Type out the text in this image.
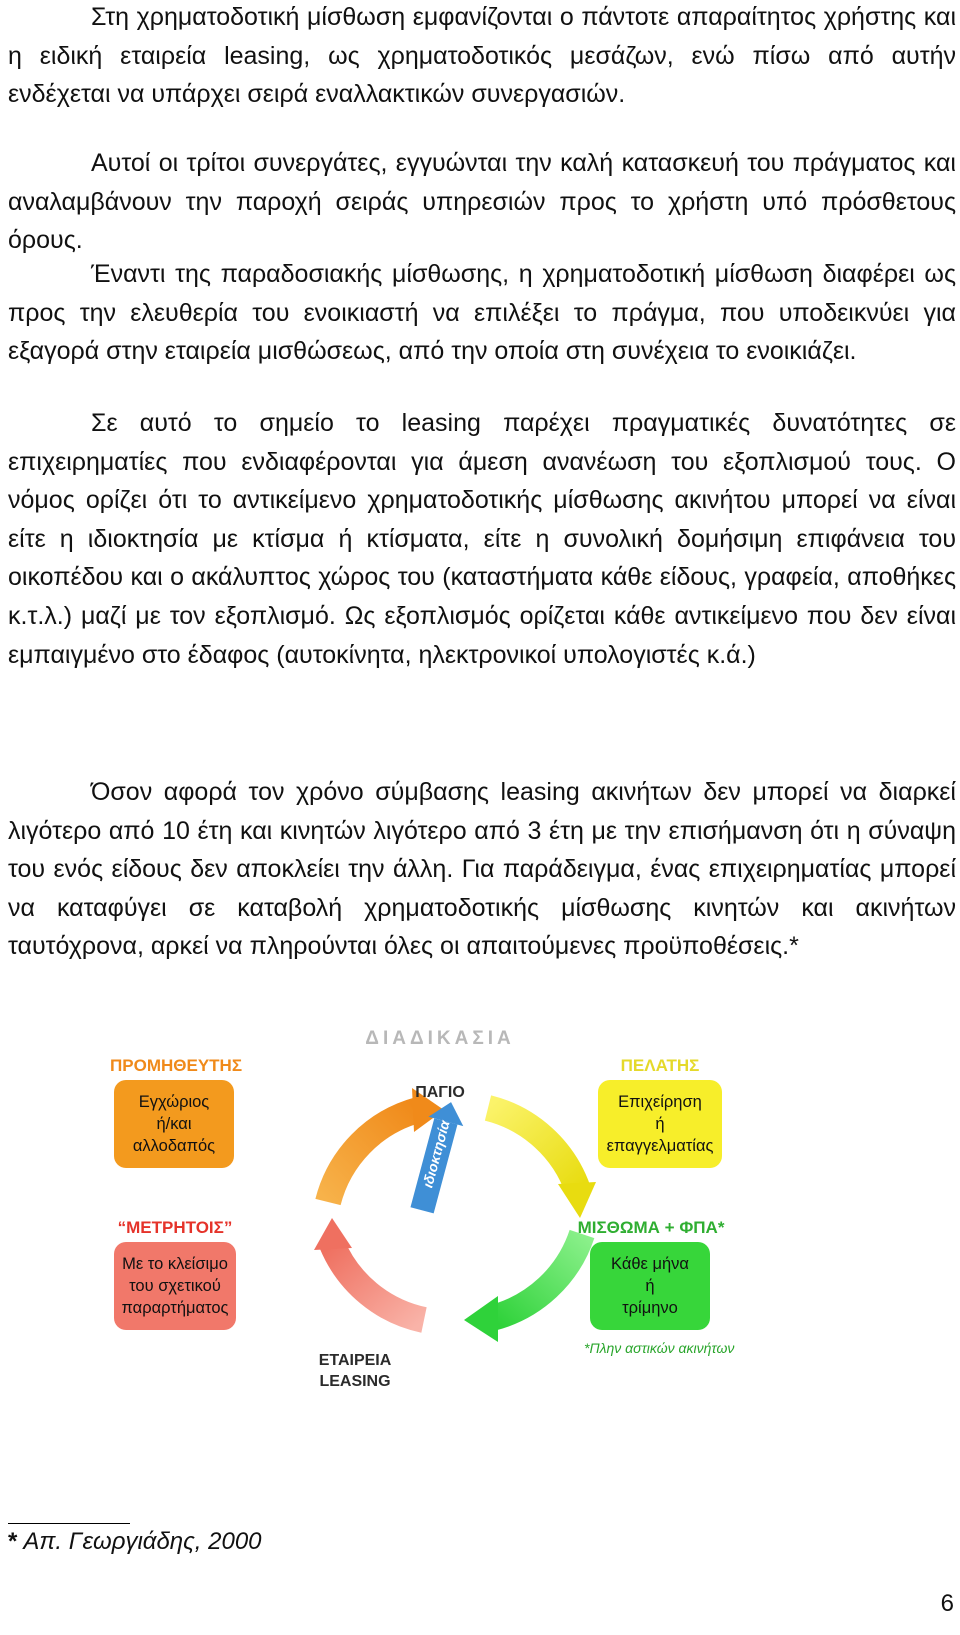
Στη χρηματοδοτική μίσθωση εμφανίζονται ο πάντοτε απαραίτητος χρήστης και η ειδική εταιρεία leasing, ως χρηματοδοτικός μεσάζων, ενώ πίσω από αυτήν ενδέχεται να υπάρχει σειρά εναλλακτικών συνεργασιών.

Αυτοί οι τρίτοι συνεργάτες, εγγυώνται την καλή κατασκευή του πράγματος και αναλαμβάνουν την παροχή σειράς υπηρεσιών προς το χρήστη υπό πρόσθετους όρους.

Έναντι της παραδοσιακής μίσθωσης, η χρηματοδοτική μίσθωση διαφέρει ως προς την ελευθερία του ενοικιαστή να επιλέξει το πράγμα, που υποδεικνύει για εξαγορά στην εταιρεία μισθώσεως, από την οποία στη συνέχεια το ενοικιάζει.

Σε αυτό το σημείο το leasing παρέχει πραγματικές δυνατότητες σε επιχειρηματίες που ενδιαφέρονται για άμεση ανανέωση του εξοπλισμού τους. Ο νόμος ορίζει ότι το αντικείμενο χρηματοδοτικής μίσθωσης ακινήτου μπορεί να είναι είτε η ιδιοκτησία με κτίσμα ή κτίσματα, είτε η συνολική δομήσιμη επιφάνεια του οικοπέδου και ο ακάλυπτος χώρος του (καταστήματα κάθε είδους, γραφεία, αποθήκες κ.τ.λ.) μαζί με τον εξοπλισμό. Ως εξοπλισμός ορίζεται κάθε αντικείμενο που δεν είναι εμπαιγμένο στο έδαφος (αυτοκίνητα, ηλεκτρονικοί υπολογιστές κ.ά.)

Όσον αφορά τον χρόνο σύμβασης leasing ακινήτων δεν μπορεί να διαρκεί λιγότερο από 10 έτη και κινητών λιγότερο από 3 έτη με την επισήμανση ότι η σύναψη του ενός είδους δεν αποκλείει την άλλη. Για παράδειγμα, ένας επιχειρηματίας μπορεί να καταφύγει σε καταβολή χρηματοδοτικής μίσθωσης κινητών και ακινήτων ταυτόχρονα, αρκεί να πληρούνται όλες οι απαιτούμενες προϋποθέσεις.*

ΔΙΑΔΙΚΑΣΙΑ
ΠΑΓΙΟ
ιδιοκτησία
ΕΤΑΙΡΕΙΑ
LEASING
ΠΡΟΜΗΘΕΥΤΗΣ
Εγχώριος
ή/και
αλλοδαπός
ΠΕΛΑΤΗΣ
Επιχείρηση
ή
επαγγελματίας
“ΜΕΤΡΗΤΟΙΣ”
Με το κλείσιμο
του σχετικού
παραρτήματος
ΜΙΣΘΩΜΑ + ΦΠΑ*
Κάθε μήνα
ή
τρίμηνο
*Πλην αστικών ακινήτων
* Απ. Γεωργιάδης, 2000
6
